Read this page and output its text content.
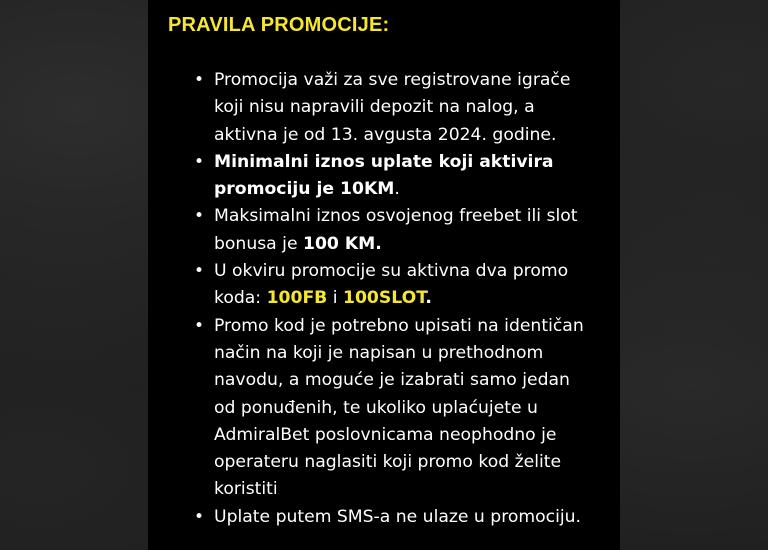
PRAVILA PROMOCIJE:
• Promocija važi za sve registrovane igrače koji nisu napravili depozit na nalog, a aktivna je od 13. avgusta 2024. godine.
• Minimalni iznos uplate koji aktivira promociju je 10KM.
• Maksimalni iznos osvojenog freebet ili slot bonusa je 100 KM.
• U okviru promocije su aktivna dva promo koda: 100FB i 100SLOT.
• Promo kod je potrebno upisati na identičan način na koji je napisan u prethodnom navodu, a moguće je izabrati samo jedan od ponuđenih, te ukoliko uplaćujete u AdmiralBet poslovnicama neophodno je operateru naglasiti koji promo kod želite koristiti
• Uplate putem SMS-a ne ulaze u promociju.
